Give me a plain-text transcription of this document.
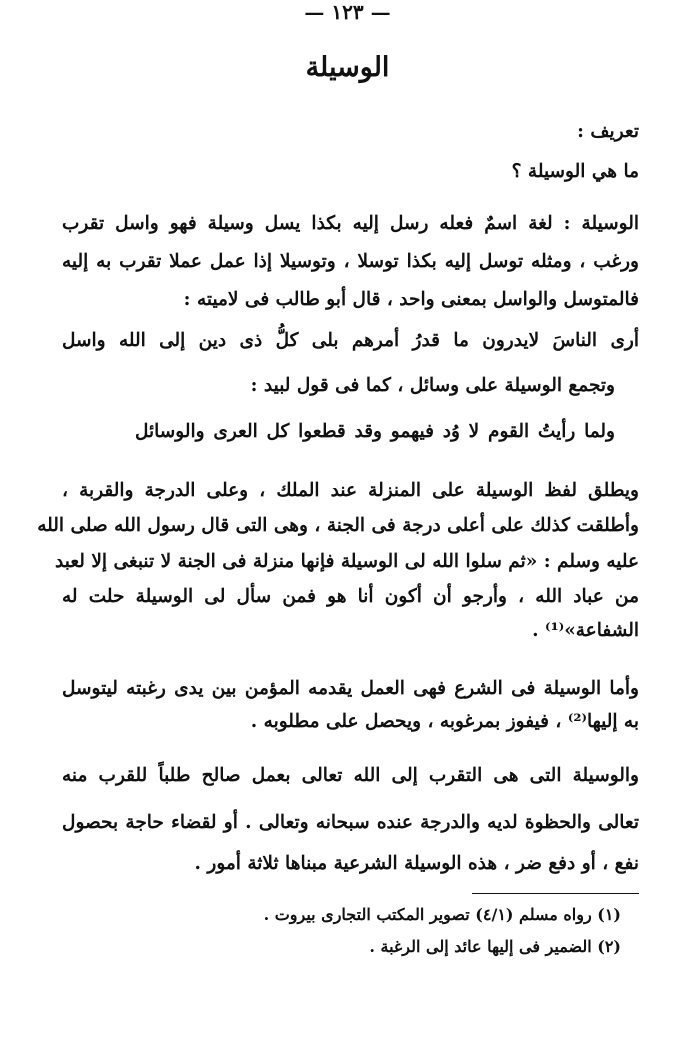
— ١٢٣ —
الوسيلة
تعريف :
ما هي الوسيلة ؟
الوسيلة : لغة اسمٌ فعله رسل إليه بكذا يسل وسيلة فهو واسل تقرب
ورغب ، ومثله توسل إليه بكذا توسلا ، وتوسيلا إذا عمل عملا تقرب به إليه
فالمتوسل والواسل بمعنى واحد ، قال أبو طالب فى لاميته :
أرى الناسَ لايدرون ما قدرُ أمرهم بلى كلُّ ذى دين إلى الله واسل
وتجمع الوسيلة على وسائل ، كما فى قول لبيد :
ولما رأيتُ القوم لا وُد فيهمو وقد قطعوا كل العرى والوسائل
ويطلق لفظ الوسيلة على المنزلة عند الملك ، وعلى الدرجة والقربة ،
وأطلقت كذلك على أعلى درجة فى الجنة ، وهى التى قال رسول الله صلى الله
عليه وسلم : «ثم سلوا الله لى الوسيلة فإنها منزلة فى الجنة لا تنبغى إلا لعبد
من عباد الله ، وأرجو أن أكون أنا هو فمن سأل لى الوسيلة حلت له
الشفاعة»⁽¹⁾ .
وأما الوسيلة فى الشرع فهى العمل يقدمه المؤمن بين يدى رغبته ليتوسل
به إليها⁽²⁾ ، فيفوز بمرغوبه ، ويحصل على مطلوبه .
والوسيلة التى هى التقرب إلى الله تعالى بعمل صالح طلباً للقرب منه
تعالى والحظوة لديه والدرجة عنده سبحانه وتعالى . أو لقضاء حاجة بحصول
نفع ، أو دفع ضر ، هذه الوسيلة الشرعية مبناها ثلاثة أمور .
(١) رواه مسلم (٤/١) تصوير المكتب التجارى بيروت .
(٢) الضمير فى إليها عائد إلى الرغبة .
